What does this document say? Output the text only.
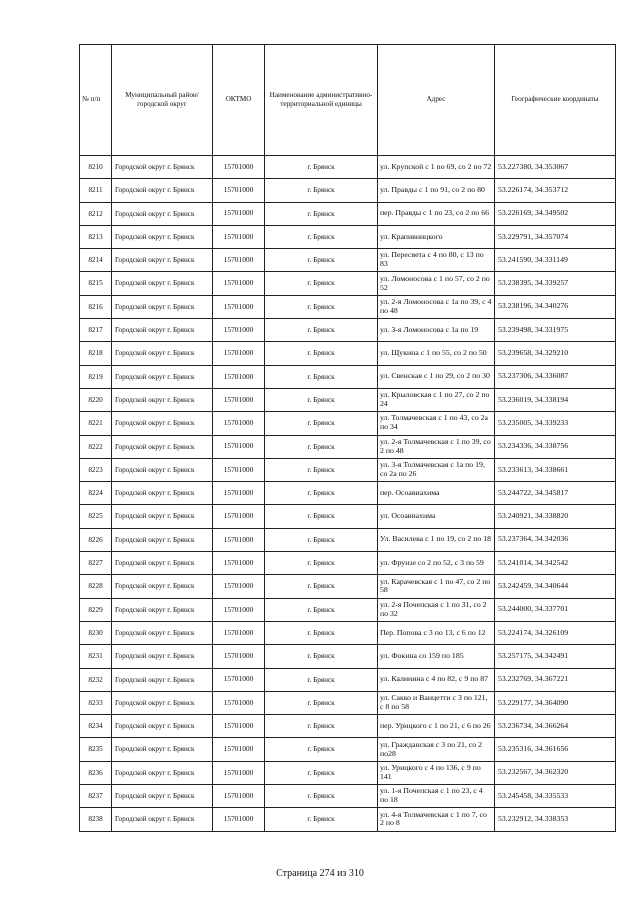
№ п/п	Муниципальный район/городской округ	ОКТМО	Наименование административно-территориальной единицы	Адрес	Географические координаты
8210	Городской округ г. Брянск	15701000	г. Брянск	ул. Крупской с 1 по 69, со 2 по 72	53.227380, 34.353067
8211	Городской округ г. Брянск	15701000	г. Брянск	ул. Правды с 1 по 91, со 2 по 80	53.226174, 34.353712
8212	Городской округ г. Брянск	15701000	г. Брянск	пер. Правды с 1 по 23, со 2 по 66	53.226169, 34.349502
8213	Городской округ г. Брянск	15701000	г. Брянск	ул. Крапивницкого	53.229791, 34.357074
8214	Городской округ г. Брянск	15701000	г. Брянск	ул. Пересвета с 4 по 80, с 13 по 83	53.241590, 34.331149
8215	Городской округ г. Брянск	15701000	г. Брянск	ул. Ломоносова с 1 по 57, со 2 по 52	53.238395, 34.339257
8216	Городской округ г. Брянск	15701000	г. Брянск	ул. 2-я Ломоносова с 1а по 39, с 4 по 48	53.238196, 34.340276
8217	Городской округ г. Брянск	15701000	г. Брянск	ул. 3-я Ломоносова с 1а по 19	53.239498, 34.331975
8218	Городской округ г. Брянск	15701000	г. Брянск	ул. Щукина с 1 по 55, со 2 по 50	53.239658, 34.329210
8219	Городской округ г. Брянск	15701000	г. Брянск	ул. Свенская с 1 по 29, со 2 по 30	53.237306, 34.336087
8220	Городской округ г. Брянск	15701000	г. Брянск	ул. Крыловская с 1 по 27, со 2 по 24	53.236019, 34.338194
8221	Городской округ г. Брянск	15701000	г. Брянск	ул. Толмачевская с 1 по 43, со 2а по 34	53.235005, 34.339233
8222	Городской округ г. Брянск	15701000	г. Брянск	ул. 2-я Толмачевская с 1 по 39, со 2 по 48	53.234336, 34.338756
8223	Городской округ г. Брянск	15701000	г. Брянск	ул. 3-я Толмачевская с 1а по 19, со 2а по 26	53.233613, 34.338661
8224	Городской округ г. Брянск	15701000	г. Брянск	пер. Осоавиахима	53.244722, 34.345817
8225	Городской округ г. Брянск	15701000	г. Брянск	ул. Осоавиахима	53.240921, 34.338820
8226	Городской округ г. Брянск	15701000	г. Брянск	Ул. Василева с 1 по 19, со 2 по 18	53.237364, 34.342036
8227	Городской округ г. Брянск	15701000	г. Брянск	ул. Фрунзе со 2 по 52, с 3 по 59	53.241014, 34.342542
8228	Городской округ г. Брянск	15701000	г. Брянск	ул. Карачевская с 1 по 47, со 2 по 58	53.242459, 34.340644
8229	Городской округ г. Брянск	15701000	г. Брянск	ул. 2-я Почепская с 1 по 31, со 2 по 32	53.244000, 34.337701
8230	Городской округ г. Брянск	15701000	г. Брянск	Пер. Попова с 3 по 13, с 6 по 12	53.224174, 34.326109
8231	Городской округ г. Брянск	15701000	г. Брянск	ул. Фокина со 159 по 185	53.257175, 34.342491
8232	Городской округ г. Брянск	15701000	г. Брянск	ул. Калинина с 4 по 82, с 9 по 87	53.232769, 34.367221
8233	Городской округ г. Брянск	15701000	г. Брянск	ул. Сакко и Ванцетти с 3 по 121, с 8 по 58	53.229177, 34.364090
8234	Городской округ г. Брянск	15701000	г. Брянск	пер. Урицкого с 1 по 21, с 6 по 26	53.236734, 34.366264
8235	Городской округ г. Брянск	15701000	г. Брянск	ул. Гражданская с 3 по 21, со 2 по28	53.235316, 34.361656
8236	Городской округ г. Брянск	15701000	г. Брянск	ул. Урицкого с 4 по 136, с 9 по 141	53.232567, 34.362320
8237	Городской округ г. Брянск	15701000	г. Брянск	ул. 1-я Почепская с 1 по 23, с 4 по 18	53.245458, 34.335533
8238	Городской округ г. Брянск	15701000	г. Брянск	ул. 4-я Толмачевская с 1 по 7, со 2 по 8	53.232912, 34.338353
Страница 274 из 310
